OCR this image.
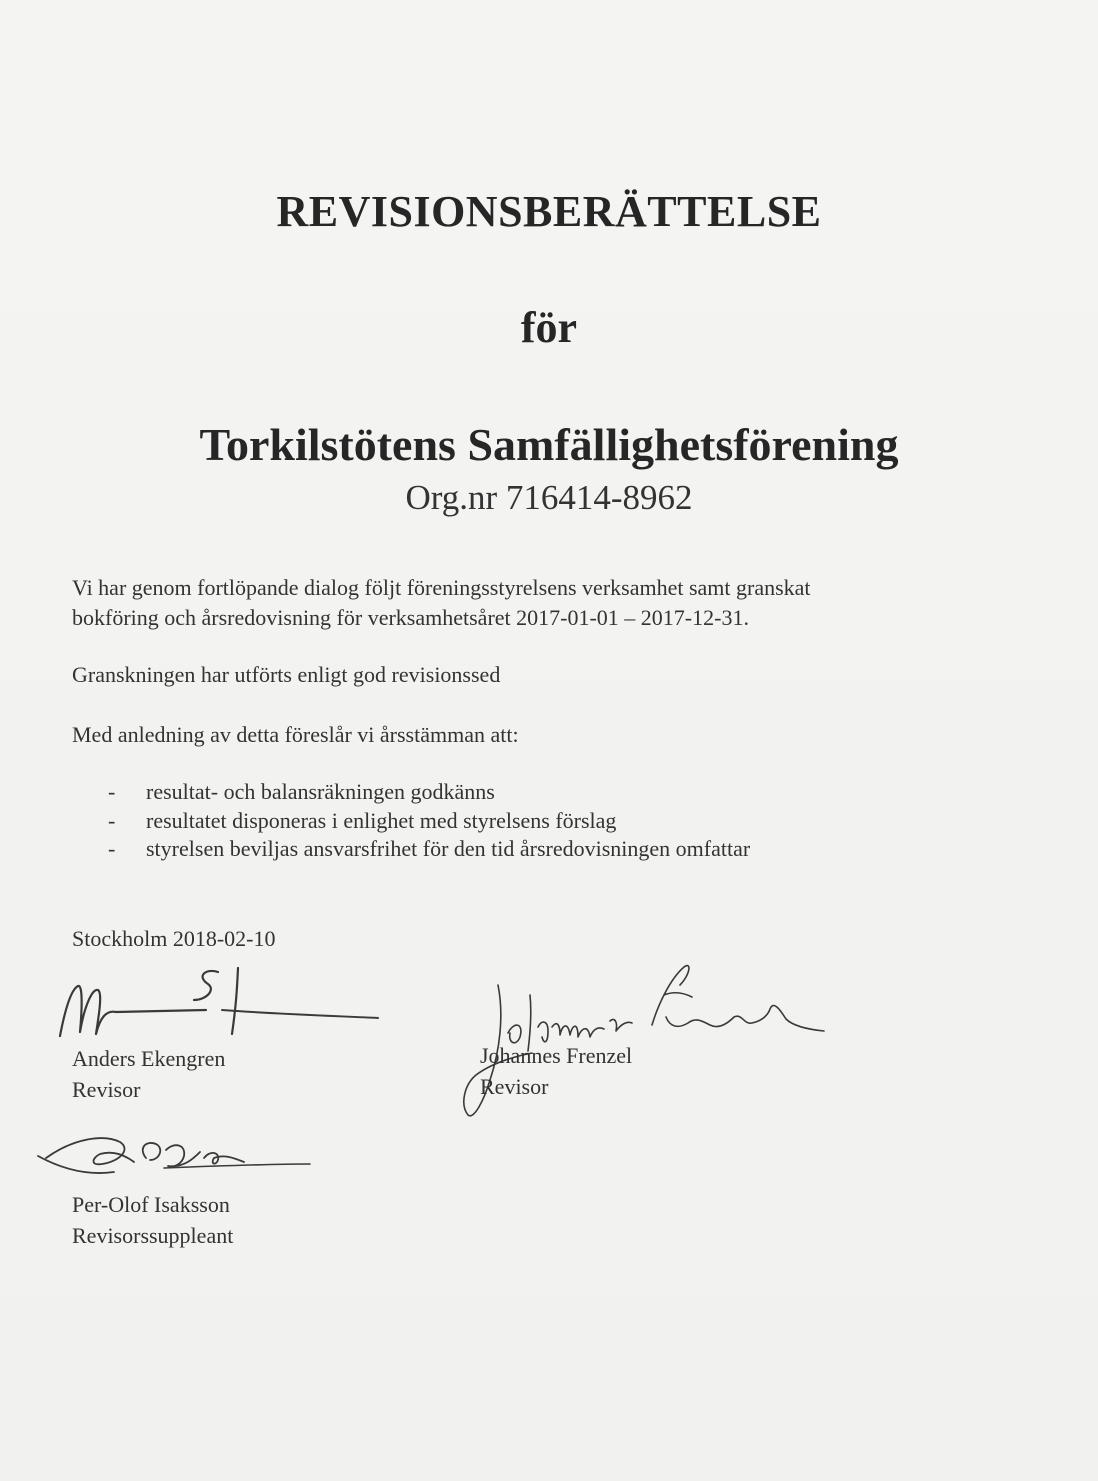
REVISIONSBERÄTTELSE
för
Torkilstötens Samfällighetsförening
Org.nr 716414-8962
Vi har genom fortlöpande dialog följt föreningsstyrelsens verksamhet samt granskat
bokföring och årsredovisning för verksamhetsåret 2017-01-01 – 2017-12-31.
Granskningen har utförts enligt god revisionssed
Med anledning av detta föreslår vi årsstämman att:
- resultat- och balansräkningen godkänns
- resultatet disponeras i enlighet med styrelsens förslag
- styrelsen beviljas ansvarsfrihet för den tid årsredovisningen omfattar
Stockholm 2018-02-10
Anders Ekengren
Revisor
Johannes Frenzel
Revisor
Per-Olof Isaksson
Revisorssuppleant
